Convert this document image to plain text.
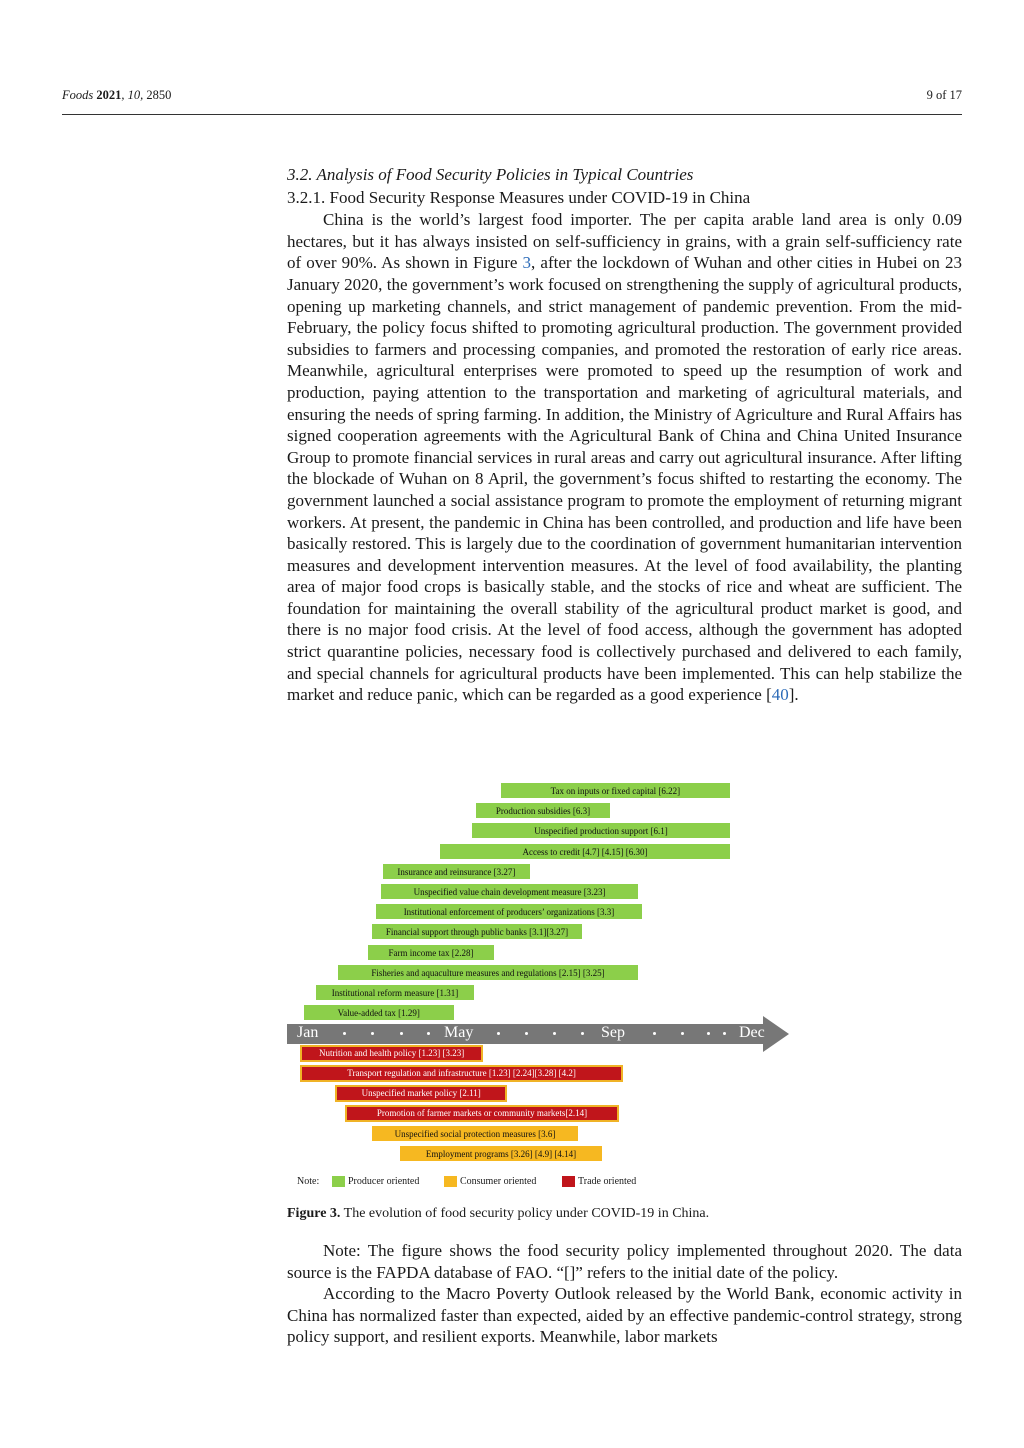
Foods 2021, 10, 2850	9 of 17
3.2. Analysis of Food Security Policies in Typical Countries
3.2.1. Food Security Response Measures under COVID-19 in China

China is the world’s largest food importer. The per capita arable land area is only 0.09 hectares, but it has always insisted on self-sufficiency in grains, with a grain self-sufficiency rate of over 90%. As shown in Figure 3, after the lockdown of Wuhan and other cities in Hubei on 23 January 2020, the government’s work focused on strengthening the supply of agricultural products, opening up marketing channels, and strict management of pandemic prevention. From the mid-February, the policy focus shifted to promoting agricultural production. The government provided subsidies to farmers and processing companies, and promoted the restoration of early rice areas. Meanwhile, agricultural enterprises were promoted to speed up the resumption of work and production, paying attention to the transportation and marketing of agricultural materials, and ensuring the needs of spring farming. In addition, the Ministry of Agriculture and Rural Affairs has signed cooperation agreements with the Agricultural Bank of China and China United Insurance Group to promote financial services in rural areas and carry out agricultural insurance. After lifting the blockade of Wuhan on 8 April, the government’s focus shifted to restarting the economy. The government launched a social assistance program to promote the employment of returning migrant workers. At present, the pandemic in China has been controlled, and production and life have been basically restored. This is largely due to the coordination of government humanitarian intervention measures and development intervention measures. At the level of food availability, the planting area of major food crops is basically stable, and the stocks of rice and wheat are sufficient. The foundation for maintaining the overall stability of the agricultural product market is good, and there is no major food crisis. At the level of food access, although the government has adopted strict quarantine policies, necessary food is collectively purchased and delivered to each family, and special channels for agricultural products have been implemented. This can help stabilize the market and reduce panic, which can be regarded as a good experience [40].

Tax on inputs or fixed capital [6.22]
Production subsidies [6.3]
Unspecified production support [6.1]
Access to credit [4.7] [4.15] [6.30]
Insurance and reinsurance [3.27]
Unspecified value chain development measure [3.23]
Institutional enforcement of producers’ organizations [3.3]
Financial support through public banks [3.1][3.27]
Farm income tax [2.28]
Fisheries and aquaculture measures and regulations [2.15] [3.25]
Institutional reform measure [1.31]
Value-added tax [1.29]
Jan	May	Sep	Dec
Nutrition and health policy [1.23] [3.23]
Transport regulation and infrastructure [1.23] [2.24][3.28] [4.2]
Unspecified market policy [2.11]
Promotion of farmer markets or community markets[2.14]
Unspecified social protection measures [3.6]
Employment programs [3.26] [4.9] [4.14]
Note:	Producer oriented	Consumer oriented	Trade oriented
Figure 3. The evolution of food security policy under COVID-19 in China.

Note: The figure shows the food security policy implemented throughout 2020. The data source is the FAPDA database of FAO. “[]” refers to the initial date of the policy.

According to the Macro Poverty Outlook released by the World Bank, economic activity in China has normalized faster than expected, aided by an effective pandemic-control strategy, strong policy support, and resilient exports. Meanwhile, labor markets
